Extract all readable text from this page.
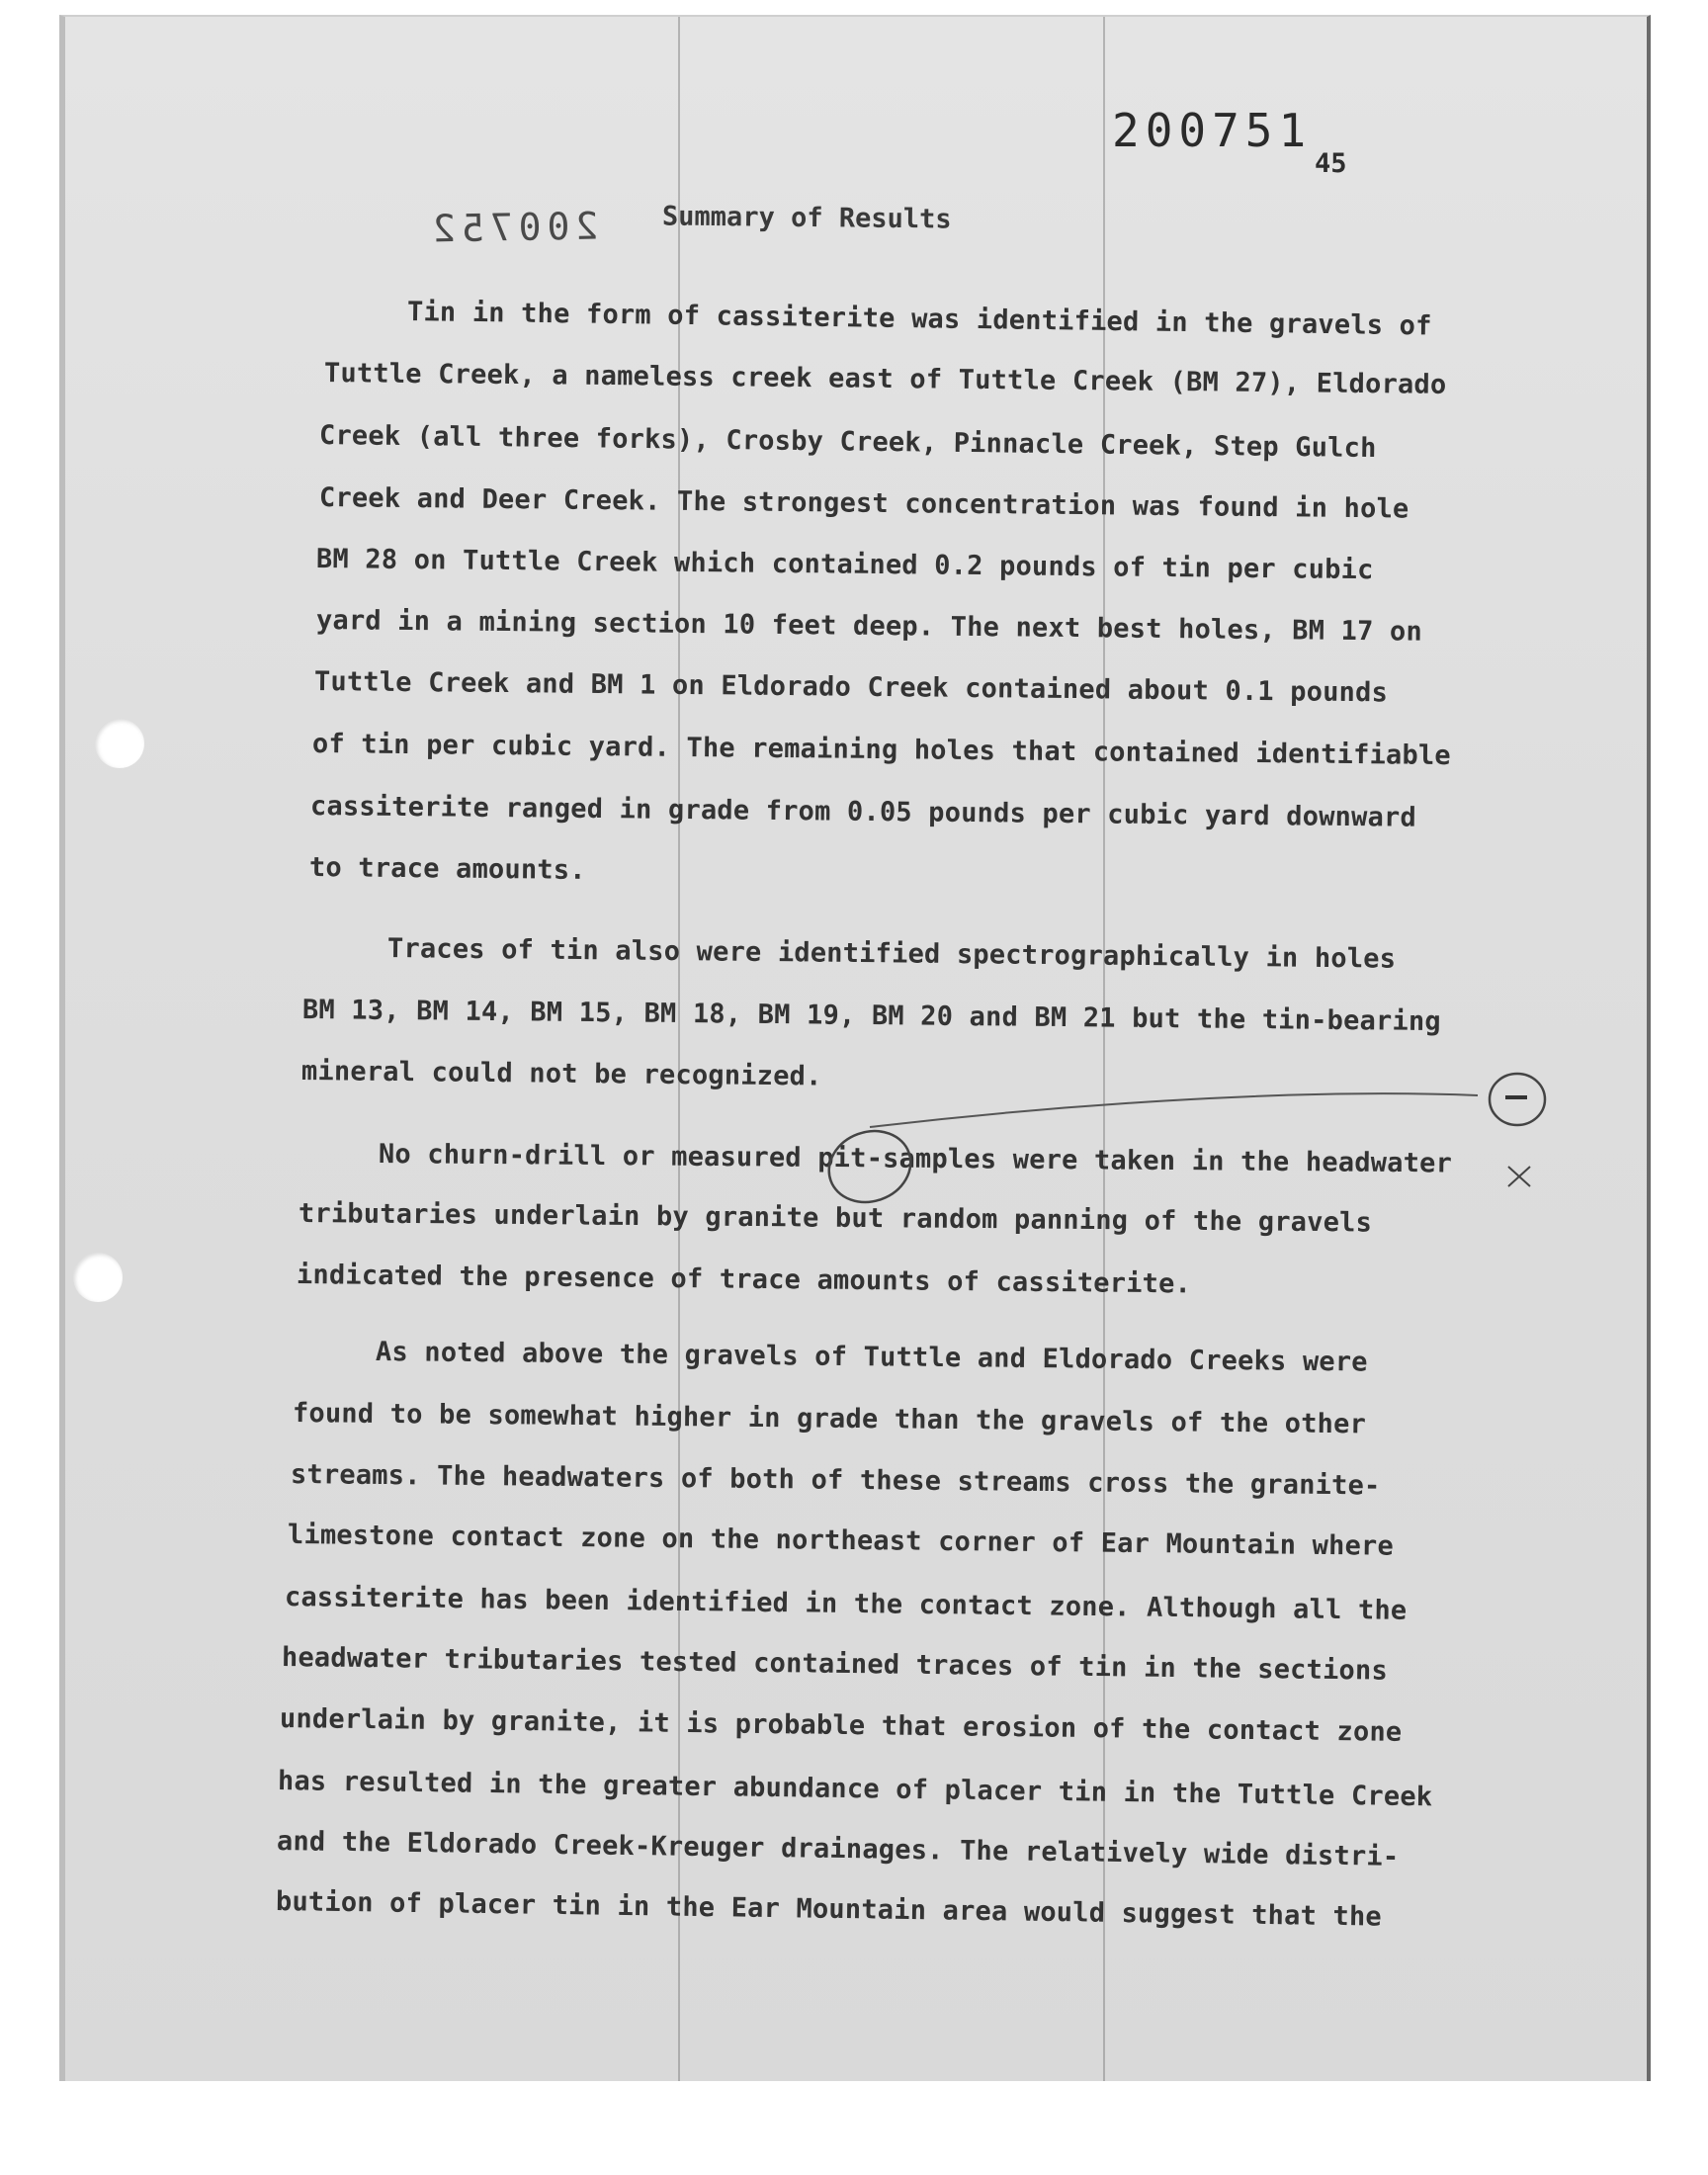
200751
200752
45
Summary of Results
Tin in the form of cassiterite was identified in the gravels of
Tuttle Creek, a nameless creek east of Tuttle Creek (BM 27), Eldorado
Creek (all three forks), Crosby Creek, Pinnacle Creek, Step Gulch
Creek and Deer Creek. The strongest concentration was found in hole
BM 28 on Tuttle Creek which contained 0.2 pounds of tin per cubic
yard in a mining section 10 feet deep. The next best holes, BM 17 on
Tuttle Creek and BM 1 on Eldorado Creek contained about 0.1 pounds
of tin per cubic yard. The remaining holes that contained identifiable
cassiterite ranged in grade from 0.05 pounds per cubic yard downward
to trace amounts.
Traces of tin also were identified spectrographically in holes
BM 13, BM 14, BM 15, BM 18, BM 19, BM 20 and BM 21 but the tin-bearing
mineral could not be recognized.
No churn-drill or measured pit-samples were taken in the headwater
tributaries underlain by granite but random panning of the gravels
indicated the presence of trace amounts of cassiterite.
As noted above the gravels of Tuttle and Eldorado Creeks were
found to be somewhat higher in grade than the gravels of the other
streams. The headwaters of both of these streams cross the granite-
limestone contact zone on the northeast corner of Ear Mountain where
cassiterite has been identified in the contact zone. Although all the
headwater tributaries tested contained traces of tin in the sections
underlain by granite, it is probable that erosion of the contact zone
has resulted in the greater abundance of placer tin in the Tuttle Creek
and the Eldorado Creek-Kreuger drainages. The relatively wide distri-
bution of placer tin in the Ear Mountain area would suggest that the
